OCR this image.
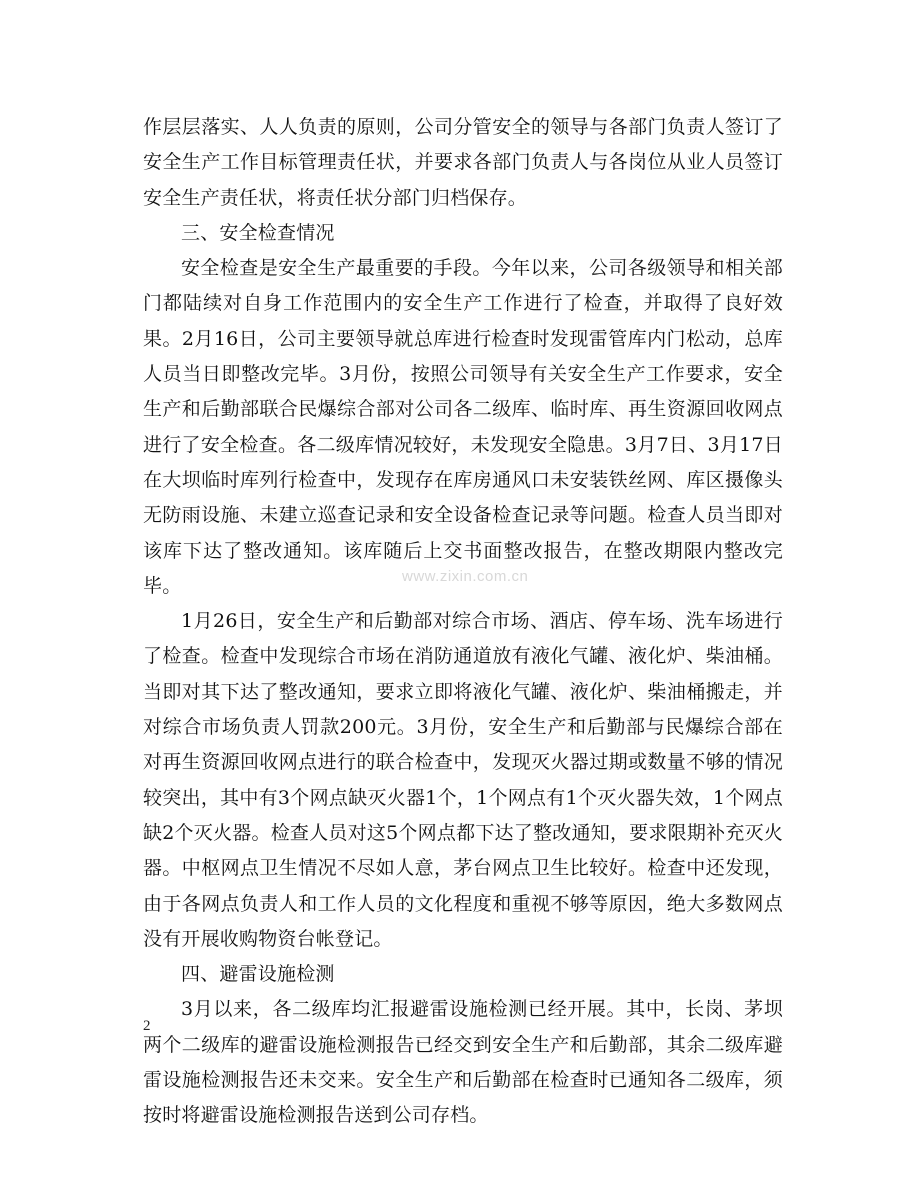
作层层落实、人人负责的原则，公司分管安全的领导与各部门负责人签订了安全生产工作目标管理责任状，并要求各部门负责人与各岗位从业人员签订安全生产责任状，将责任状分部门归档保存。

三、安全检查情况

安全检查是安全生产最重要的手段。今年以来，公司各级领导和相关部门都陆续对自身工作范围内的安全生产工作进行了检查，并取得了良好效果。2月16日，公司主要领导就总库进行检查时发现雷管库内门松动，总库人员当日即整改完毕。3月份，按照公司领导有关安全生产工作要求，安全生产和后勤部联合民爆综合部对公司各二级库、临时库、再生资源回收网点进行了安全检查。各二级库情况较好，未发现安全隐患。3月7日、3月17日在大坝临时库列行检查中，发现存在库房通风口未安装铁丝网、库区摄像头无防雨设施、未建立巡查记录和安全设备检查记录等问题。检查人员当即对该库下达了整改通知。该库随后上交书面整改报告，在整改期限内整改完毕。

1月26日，安全生产和后勤部对综合市场、酒店、停车场、洗车场进行了检查。检查中发现综合市场在消防通道放有液化气罐、液化炉、柴油桶。当即对其下达了整改通知，要求立即将液化气罐、液化炉、柴油桶搬走，并对综合市场负责人罚款200元。3月份，安全生产和后勤部与民爆综合部在对再生资源回收网点进行的联合检查中，发现灭火器过期或数量不够的情况较突出，其中有3个网点缺灭火器1个，1个网点有1个灭火器失效，1个网点缺2个灭火器。检查人员对这5个网点都下达了整改通知，要求限期补充灭火器。中枢网点卫生情况不尽如人意，茅台网点卫生比较好。检查中还发现，由于各网点负责人和工作人员的文化程度和重视不够等原因，绝大多数网点没有开展收购物资台帐登记。

四、避雷设施检测

3月以来，各二级库均汇报避雷设施检测已经开展。其中，长岗、茅坝两个二级库的避雷设施检测报告已经交到安全生产和后勤部，其余二级库避雷设施检测报告还未交来。安全生产和后勤部在检查时已通知各二级库，须按时将避雷设施检测报告送到公司存档。

www.zixin.com.cn
2
